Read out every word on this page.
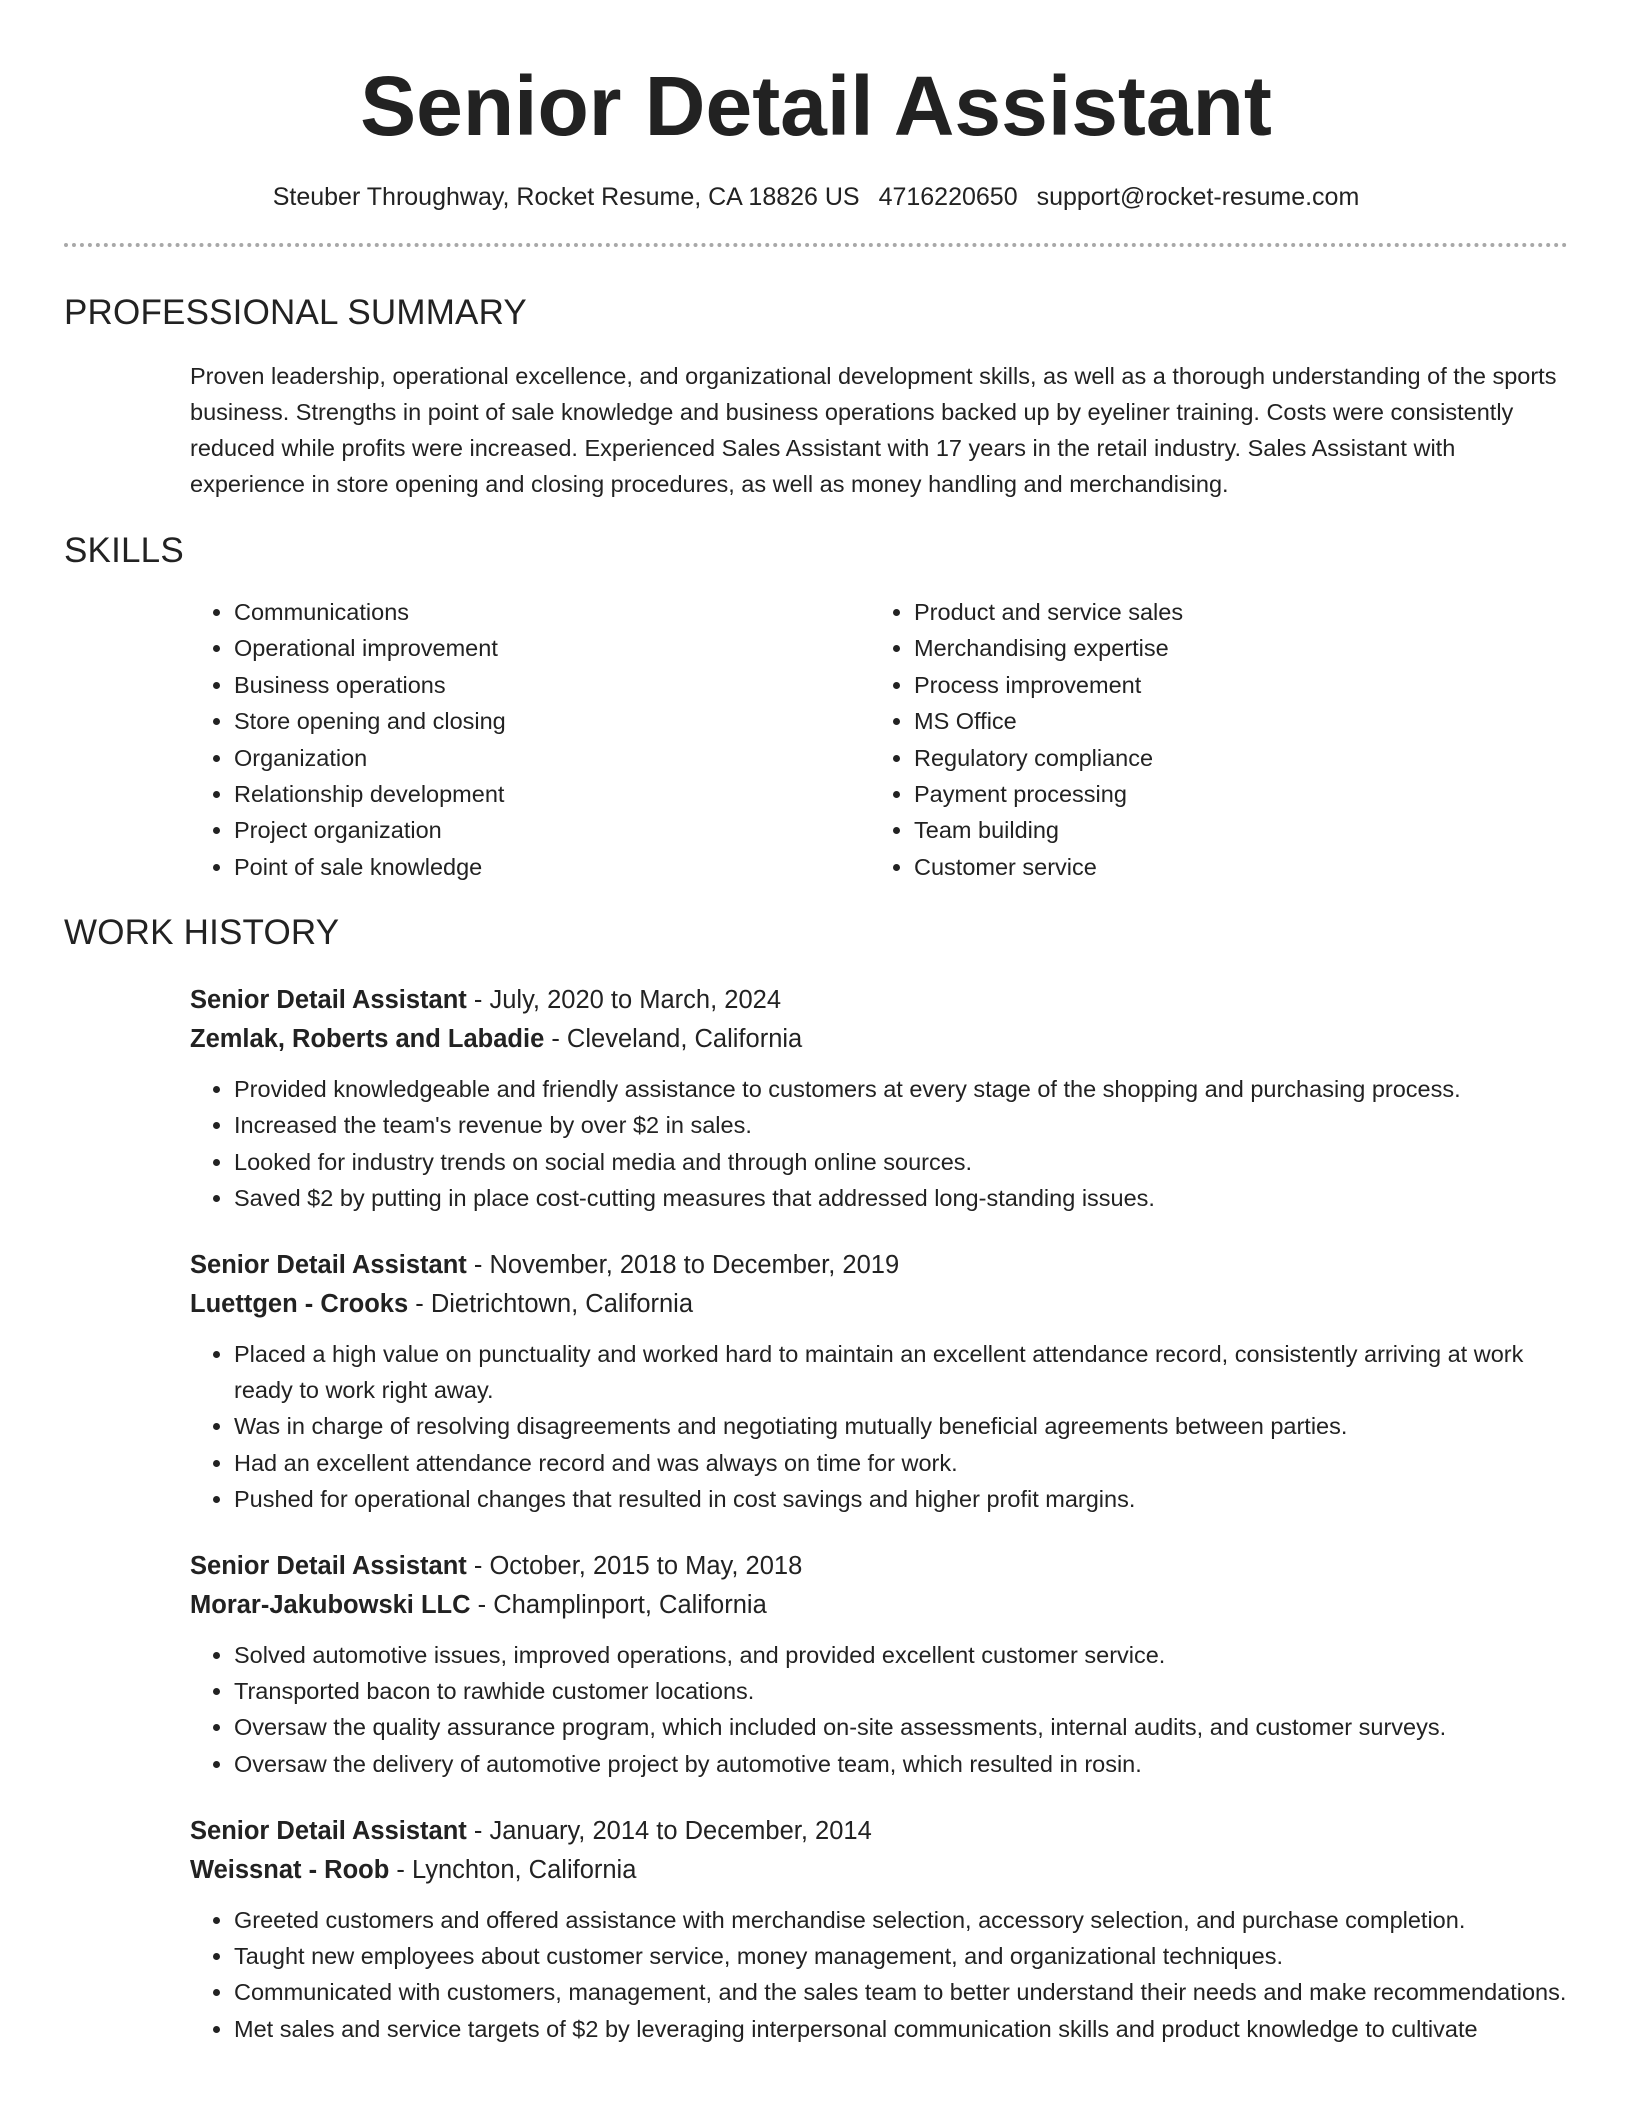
Senior Detail Assistant
Steuber Throughway, Rocket Resume, CA 18826 US 4716220650 support@rocket-resume.com
PROFESSIONAL SUMMARY
Proven leadership, operational excellence, and organizational development skills, as well as a thorough understanding of the sports business. Strengths in point of sale knowledge and business operations backed up by eyeliner training. Costs were consistently reduced while profits were increased. Experienced Sales Assistant with 17 years in the retail industry. Sales Assistant with experience in store opening and closing procedures, as well as money handling and merchandising.
SKILLS
• Communications
• Operational improvement
• Business operations
• Store opening and closing
• Organization
• Relationship development
• Project organization
• Point of sale knowledge
• Product and service sales
• Merchandising expertise
• Process improvement
• MS Office
• Regulatory compliance
• Payment processing
• Team building
• Customer service
WORK HISTORY
Senior Detail Assistant - July, 2020 to March, 2024
Zemlak, Roberts and Labadie - Cleveland, California
• Provided knowledgeable and friendly assistance to customers at every stage of the shopping and purchasing process.
• Increased the team's revenue by over $2 in sales.
• Looked for industry trends on social media and through online sources.
• Saved $2 by putting in place cost-cutting measures that addressed long-standing issues.
Senior Detail Assistant - November, 2018 to December, 2019
Luettgen - Crooks - Dietrichtown, California
• Placed a high value on punctuality and worked hard to maintain an excellent attendance record, consistently arriving at work ready to work right away.
• Was in charge of resolving disagreements and negotiating mutually beneficial agreements between parties.
• Had an excellent attendance record and was always on time for work.
• Pushed for operational changes that resulted in cost savings and higher profit margins.
Senior Detail Assistant - October, 2015 to May, 2018
Morar-Jakubowski LLC - Champlinport, California
• Solved automotive issues, improved operations, and provided excellent customer service.
• Transported bacon to rawhide customer locations.
• Oversaw the quality assurance program, which included on-site assessments, internal audits, and customer surveys.
• Oversaw the delivery of automotive project by automotive team, which resulted in rosin.
Senior Detail Assistant - January, 2014 to December, 2014
Weissnat - Roob - Lynchton, California
• Greeted customers and offered assistance with merchandise selection, accessory selection, and purchase completion.
• Taught new employees about customer service, money management, and organizational techniques.
• Communicated with customers, management, and the sales team to better understand their needs and make recommendations.
• Met sales and service targets of $2 by leveraging interpersonal communication skills and product knowledge to cultivate
